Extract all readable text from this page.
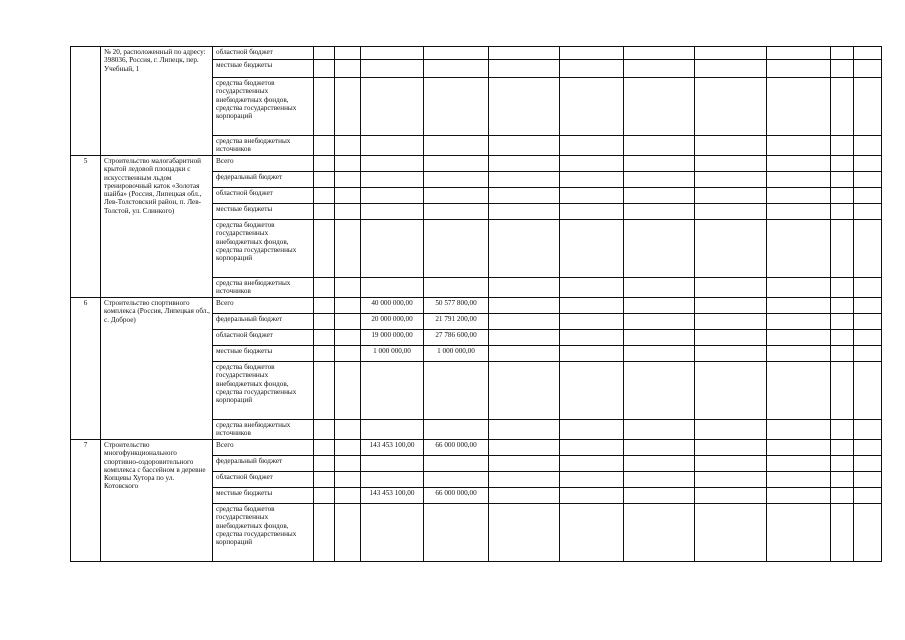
	№ 20, расположенный по адресу: 398036, Россия, г. Липецк, пер. Учебный, 1	областной бюджет											
		местные бюджеты											
		средства бюджетов государственных внебюджетных фондов, средства государственных корпораций											
		средства внебюджетных источников											
5	Строительство малогабаритной крытой ледовой площадки с искусственным льдом тренировочный каток «Золотая шайба» (Россия, Липецкая обл., Лев-Толстовский район, п. Лев-Толстой, ул. Слинкого)	Всего											
		федеральный бюджет											
		областной бюджет											
		местные бюджеты											
		средства бюджетов государственных внебюджетных фондов, средства государственных корпораций											
		средства внебюджетных источников											
6	Строительство спортивного комплекса (Россия, Липецкая обл., с. Доброе)	Всего			40 000 000,00	50 577 800,00							
		федеральный бюджет			20 000 000,00	21 791 200,00							
		областной бюджет			19 000 000,00	27 786 600,00							
		местные бюджеты			1 000 000,00	1 000 000,00							
		средства бюджетов государственных внебюджетных фондов, средства государственных корпораций											
		средства внебюджетных источников											
7	Строительство многофункционального спортивно-оздоровительного комплекса с бассейном в деревне Копцевы Хутора по ул. Котовского	Всего			143 453 100,00	66 000 000,00							
		федеральный бюджет											
		областной бюджет											
		местные бюджеты			143 453 100,00	66 000 000,00							
		средства бюджетов государственных внебюджетных фондов, средства государственных корпораций											
